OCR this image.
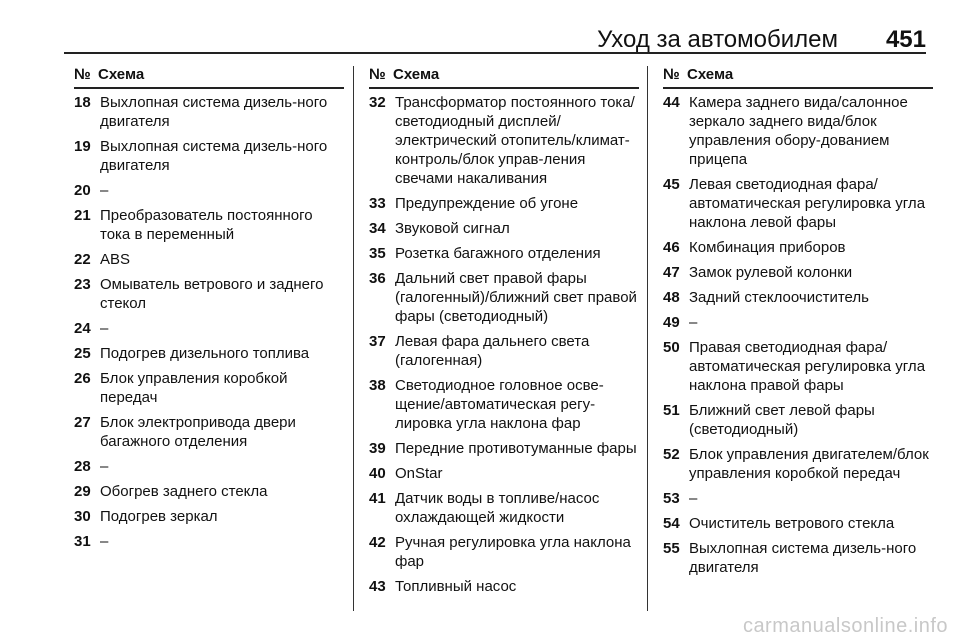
Уход за автомобилем 451
№ Схема
18 Выхлопная система дизель-ного двигателя
19 Выхлопная система дизель-ного двигателя
20 –
21 Преобразователь постоянного тока в переменный
22 ABS
23 Омыватель ветрового и заднего стекол
24 –
25 Подогрев дизельного топлива
26 Блок управления коробкой передач
27 Блок электропривода двери багажного отделения
28 –
29 Обогрев заднего стекла
30 Подогрев зеркал
31 –
№ Схема
32 Трансформатор постоянного тока/светодиодный дисплей/электрический отопитель/климат-контроль/блок управ-ления свечами накаливания
33 Предупреждение об угоне
34 Звуковой сигнал
35 Розетка багажного отделения
36 Дальний свет правой фары (галогенный)/ближний свет правой фары (светодиодный)
37 Левая фара дальнего света (галогенная)
38 Светодиодное головное осве-щение/автоматическая регу-лировка угла наклона фар
39 Передние противотуманные фары
40 OnStar
41 Датчик воды в топливе/насос охлаждающей жидкости
42 Ручная регулировка угла наклона фар
43 Топливный насос
№ Схема
44 Камера заднего вида/салонное зеркало заднего вида/блок управления обору-дованием прицепа
45 Левая светодиодная фара/автоматическая регулировка угла наклона левой фары
46 Комбинация приборов
47 Замок рулевой колонки
48 Задний стеклоочиститель
49 –
50 Правая светодиодная фара/автоматическая регулировка угла наклона правой фары
51 Ближний свет левой фары (светодиодный)
52 Блок управления двигателем/блок управления коробкой передач
53 –
54 Очиститель ветрового стекла
55 Выхлопная система дизель-ного двигателя
carmanualsonline.info
